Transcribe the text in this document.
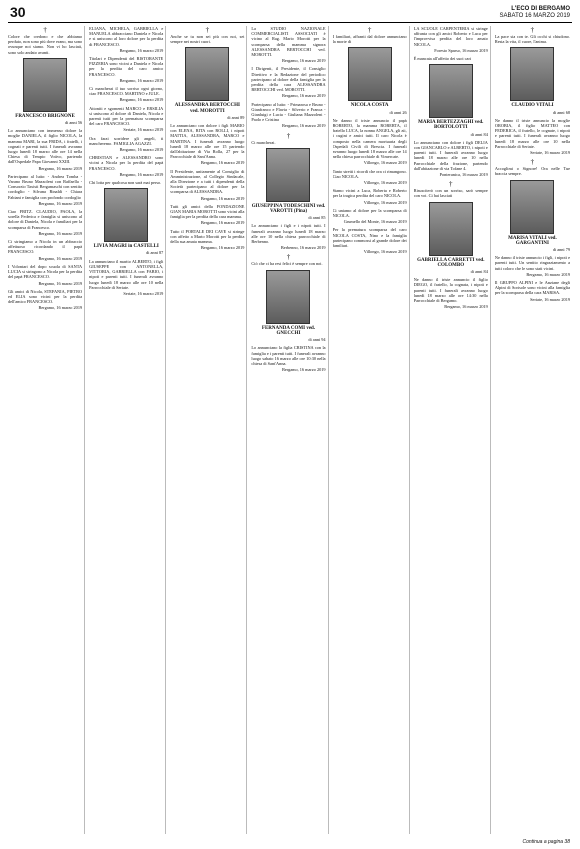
30	L'ECO DI BERGAMO
SABATO 16 MARZO 2019
†
Colore che credono e che abbiamo perduto, non sono più dove erano, ma sono ovunque noi siamo. Non vi ho lasciati, sono solo andato avanti.
FRANCESCO BRIGNONE
di anni 56
Lo annunciano con immenso dolore la moglie DANIELA, il figlio NICOLA, la mamma MARI, la sua FRIDA, i fratelli, i cognati e parenti tutti. I funerali avranno luogo lunedì 18 marzo alle ore 14 nella Chiesa di Tempio Votivo, partendo dall'Ospedale Papa Giovanni XXIII.
Bergamo, 16 marzo 2019
Partecipano al lutto: - Andrea Tomba - Varano Bruno Mazzoleni con Raffaella - Consorzio Taxisti Bergamaschi con sentito cordoglio - Silvana Rinaldi - Chiara Fabiani e famiglia con profondo cordoglio
Bergamo, 16 marzo 2019
Ciao FRITZ. CLAUDIO, PAOLA, la sorella Federica e famiglia si uniscono al dolore di Daniela, Nicola e familiari per la scomparsa di Francesco.
Bergamo, 16 marzo 2019
Ci stringiamo a Nicola in un abbraccio affettuoso ricordando il papà FRANCESCO.
Bergamo, 16 marzo 2019
I Volontari del dopo scuola di SANTA LUCIA si stringono a Nicola per la perdita del papà FRANCESCO.
Bergamo, 16 marzo 2019
Gli amici di Nicola, STEFANIA, PIETRO ed ELIA sono vicini per la perdita dell'amico FRANCESCO.
Bergamo, 16 marzo 2019
ELIANA, MICHELA, GABRIELLA e MANUELA abbracciano Daniela e Nicola e si uniscono al loro dolore per la perdita di FRANCESCO.
Bergamo, 16 marzo 2019
Titolari e Dipendenti del RISTORANTE PIZZERIA sono vicini a Daniela e Nicola per la perdita del caro amico FRANCESCO.
Bergamo, 16 marzo 2019
Ci mancherai il tuo sorriso ogni giorno, ciao FRANCESCO. MARTINO e JULE.
Bergamo, 16 marzo 2019
Attoniti e sgomenti MARCO e ERSILIA si uniscono al dolore di Daniela, Nicola e parenti tutti per la prematura scomparsa del caro FRANCESCO.
Seriate, 16 marzo 2019
Ora farai sorridere gli angeli, ti mancheremo. FAMIGLIA AGAZZI.
Bergamo, 16 marzo 2019
CHRISTIAN e ALESSANDRO sono vicini a Nicola per la perdita del papà FRANCESCO.
Bergamo, 16 marzo 2019
Chi lotta per qualcosa non sarà mai perso.
LIVIA MAGRI in CASTELLI
di anni 87
La annunciano il marito ALBERTO, i figli GIUSEPPE con ANTONELLA, VITTORIA, GABRIELLA con FABIO, i nipoti e parenti tutti. I funerali avranno luogo lunedì 18 marzo alle ore 10 nella Parrocchiale di Seriate.
Seriate, 16 marzo 2019
†
Anche se tu non sei più con noi, sei sempre nei nostri cuori.
ALESSANDRA BERTOCCHI ved. MOROTTI
di anni 89
Lo annunciano con dolore i figli MARIO con ELENA, RITA con ROLLI, i nipoti MATTIA, ALESSANDRA, MARCO e MARTINA. I funerali avranno luogo lunedì 18 marzo alle ore 15 partendo dall'abitazione di Via Rolla, 27 per la Parrocchiale di Sant'Anna.
Bergamo, 16 marzo 2019
Il Presidente, unitamente al Consiglio di Amministrazione, al Collegio Sindacale, alla Direzione e a tutti i dipendenti della Società partecipano al dolore per la scomparsa di ALESSANDRA.
Bergamo, 16 marzo 2019
Tutti gli amici della FONDAZIONE GIAN MARIA MOROTTI sono vicini alla famiglia per la perdita della cara mamma.
Bergamo, 16 marzo 2019
Tutto il PORTALE DEI CAVE si stringe con affetto a Mario Morotti per la perdita della sua amata mamma.
Bergamo, 16 marzo 2019
La STUDIO NAZIONALE COMMERCIALISTI ASSOCIATI è vicino al Rag. Mario Morotti per la scomparsa della mamma signora ALESSANDRA BERTOCCHI ved. MOROTTI.
Bergamo, 16 marzo 2019
I Dirigenti, il Presidente, il Consiglio Direttivo e la Redazione del periodico partecipano al dolore della famiglia per la perdita della cara ALESSANDRA BERTOCCHI ved. MOROTTI.
Bergamo, 16 marzo 2019
Partecipano al lutto: - Primarosa e Bruno - Gianfranco e Flavia - Silverio e Franca - Gianluigi e Lucia - Giuliana Mazzoleni - Paolo e Cristina
Bergamo, 16 marzo 2019
†
Ci mancherai.
GIUSEPPINA TODESCHINI ved. VAROTTI (Pina)
di anni 85
Lo annunciano i figli e i nipoti tutti. I funerali avranno luogo lunedì 18 marzo alle ore 10 nella chiesa parrocchiale di Berbenno.
Berbenno, 16 marzo 2019
†
Ciò che ci ha resi felici è sempre con noi.
FERNANDA COMI ved. GNECCHI
di anni 94
Lo annunciano la figlia CRISTINA con la famiglia e i parenti tutti. I funerali avranno luogo sabato 16 marzo alle ore 10:30 nella chiesa di Sant'Anna.
Bergamo, 16 marzo 2019
†
I familiari, affranti dal dolore annunciano la morte di
NICOLA COSTA
di anni 26
Ne danno il triste annuncio il papà ROBERTO, la mamma ROBERTA, il fratello LUCA, la nonna ANGELA, gli zii, i cugini e amici tutti. Il caro Nicola è composto nella camera mortuaria degli Ospedali Civili di Brescia. I funerali avranno luogo lunedì 18 marzo alle ore 14 nella chiesa parrocchiale di Vimercate.
Villongo, 16 marzo 2019
Tanto stretti i ricordi che ora ci rimangono. Ciao NICOLA.
Villongo, 16 marzo 2019
Siamo vicini a Luca, Roberta e Roberto per la tragica perdita del caro NICOLA.
Villongo, 16 marzo 2019
Ci uniamo al dolore per la scomparsa di NICOLA.
Grumello del Monte, 16 marzo 2019
Per la prematura scomparsa del caro NICOLA COSTA, Nino e la famiglia partecipano commossi al grande dolore dei familiari.
Villongo, 16 marzo 2019
LA SCUOLE CARPENTERIA si stringe affranta con gli amici Roberto e Luca per l'improvvisa perdita del loro amato NICOLA.
Foresto Sparso, 16 marzo 2019
È mancata all'affetto dei suoi cari
MARIA BERTEZZAGHI ved. BORTOLOTTI
di anni 84
Lo annunciano con dolore i figli DELIA con GIANCARLO e ALBERTO, i nipoti e parenti tutti. I funerali avranno luogo lunedì 18 marzo alle ore 10 nella Parrocchiale della frazione, partendo dall'abitazione di via Tofane 4.
Ponteranica, 16 marzo 2019
†
Risusciterò con un sorriso, sarò sempre con voi. Ci hai lasciati
GABRIELLA CARRETTI ved. COLOMBO
di anni 84
Ne danno il triste annuncio il figlio DIEGO, il fratello, la cognata, i nipoti e parenti tutti. I funerali avranno luogo lunedì 18 marzo alle ore 14:30 nella Parrocchiale di Bergamo.
Bergamo, 16 marzo 2019
†
La pace sia con te. Gli occhi si chiudono. Resta la vita, il cuore, l'anima.
CLAUDIO VITALI
di anni 68
Ne danno il triste annuncio la moglie OROBIA, il figlio MATTEO con FEDERICA, il fratello, le cognate, i nipoti e parenti tutti. I funerali avranno luogo lunedì 18 marzo alle ore 10 nella Parrocchiale di Seriate.
Seriate, 16 marzo 2019
†
Accoglimi o Signore! Ora nelle Tue braccia sempre.
MARISA VITALI ved. GARGANTINI
di anni 79
Ne danno il triste annuncio i figli, i nipoti e parenti tutti. Un sentito ringraziamento a tutti coloro che le sono stati vicini.
Bergamo, 16 marzo 2019
Il GRUPPO ALPINI e le Anziane degli Alpini di Sorisole sono vicini alla famiglia per la scomparsa della cara MARISA.
Seriate, 16 marzo 2019
Continua a pagina 38
